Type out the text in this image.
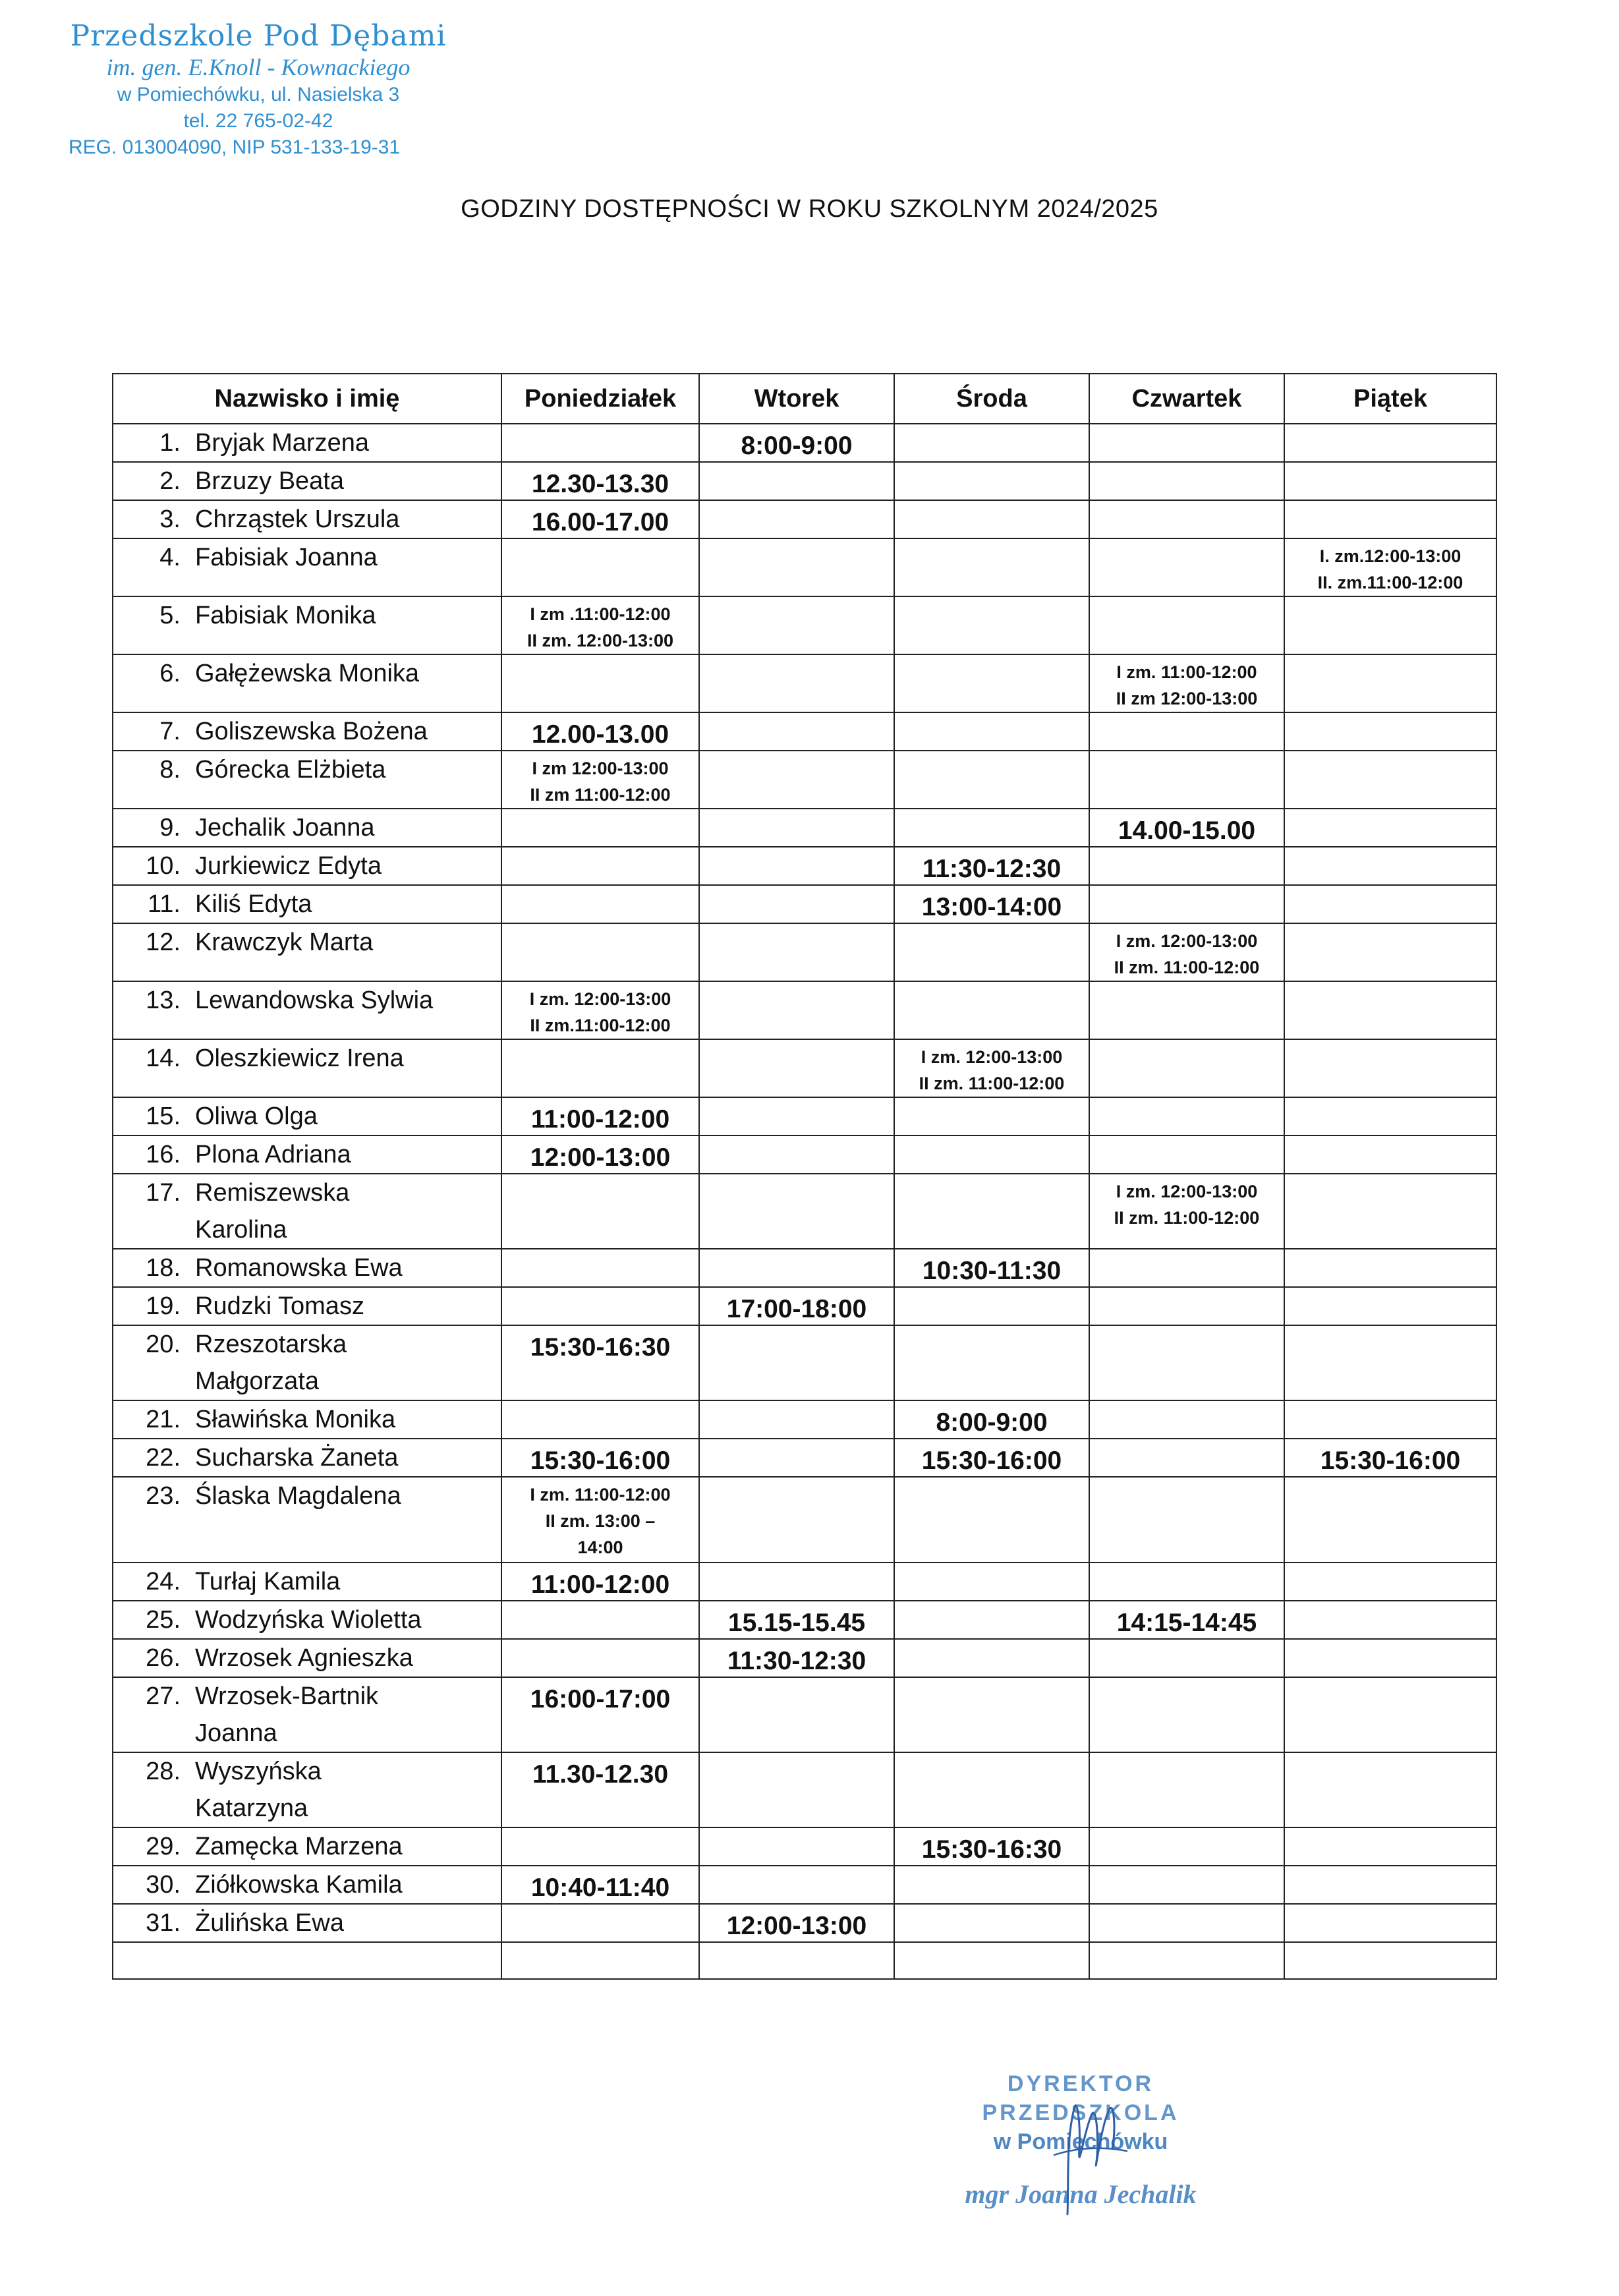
Przedszkole Pod Dębami
im. gen. E.Knoll - Kownackiego
w Pomiechówku, ul. Nasielska 3
tel. 22 765-02-42
REG. 013004090, NIP 531-133-19-31
GODZINY DOSTĘPNOŚCI W ROKU SZKOLNYM 2024/2025
Nazwisko i imię	Poniedziałek	Wtorek	Środa	Czwartek	Piątek

1. Bryjak Marzena		8:00-9:00			

2. Brzuzy Beata	12.30-13.30				

3. Chrząstek Urszula	16.00-17.00				

4. Fabisiak Joanna					I. zm.12:00-13:00
II. zm.11:00-12:00

5. Fabisiak Monika	I zm .11:00-12:00
II zm. 12:00-13:00				

6. Gałężewska Monika				I zm. 11:00-12:00
II zm 12:00-13:00	

7. Goliszewska Bożena	12.00-13.00				

8. Górecka Elżbieta	I zm 12:00-13:00
II zm 11:00-12:00				

9. Jechalik Joanna				14.00-15.00	

10. Jurkiewicz Edyta			11:30-12:30		

11. Kiliś Edyta			13:00-14:00		

12. Krawczyk Marta				I zm. 12:00-13:00
II zm. 11:00-12:00	

13. Lewandowska Sylwia	I zm. 12:00-13:00
II zm.11:00-12:00				

14. Oleszkiewicz Irena			I zm. 12:00-13:00
II zm. 11:00-12:00		

15. Oliwa Olga	11:00-12:00				

16. Plona Adriana	12:00-13:00				

17. Remiszewska
Karolina				I zm. 12:00-13:00
II zm. 11:00-12:00	

18. Romanowska Ewa			10:30-11:30		

19. Rudzki Tomasz		17:00-18:00			

20. Rzeszotarska
Małgorzata	15:30-16:30				

21. Sławińska Monika			8:00-9:00		

22. Sucharska Żaneta	15:30-16:00		15:30-16:00		15:30-16:00

23. Ślaska Magdalena	I zm. 11:00-12:00
II zm. 13:00 –
14:00				

24. Turłaj Kamila	11:00-12:00				

25. Wodzyńska Wioletta		15.15-15.45		14:15-14:45	

26. Wrzosek Agnieszka		11:30-12:30			

27. Wrzosek-Bartnik
Joanna	16:00-17:00				

28. Wyszyńska
Katarzyna	11.30-12.30				

29. Zamęcka Marzena			15:30-16:30		

30. Ziółkowska Kamila	10:40-11:40				

31. Żulińska Ewa		12:00-13:00			

DYREKTOR PRZEDSZKOLA
w Pomiechówku
mgr Joanna Jechalik
